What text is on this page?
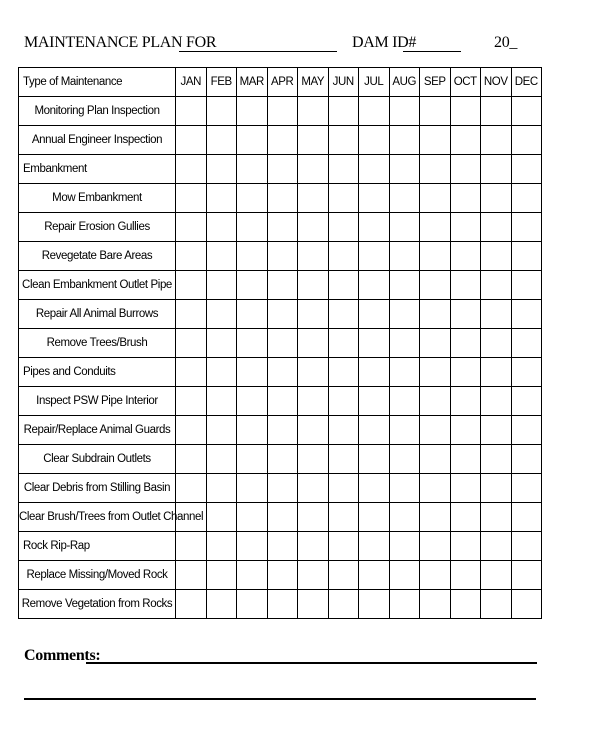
MAINTENANCE PLAN FOR	DAM ID#	20_
Type of Maintenance	JAN	FEB	MAR	APR	MAY	JUN	JUL	AUG	SEP	OCT	NOV	DEC
Monitoring Plan Inspection												
Annual Engineer Inspection												
Embankment												
Mow Embankment												
Repair Erosion Gullies												
Revegetate Bare Areas												
Clean Embankment Outlet Pipe												
Repair All Animal Burrows												
Remove Trees/Brush												
Pipes and Conduits												
Inspect PSW Pipe Interior												
Repair/Replace Animal Guards												
Clear Subdrain Outlets												
Clear Debris from Stilling Basin												
Clear Brush/Trees from Outlet Channel												
Rock Rip-Rap												
Replace Missing/Moved Rock												
Remove Vegetation from Rocks												
Comments:
